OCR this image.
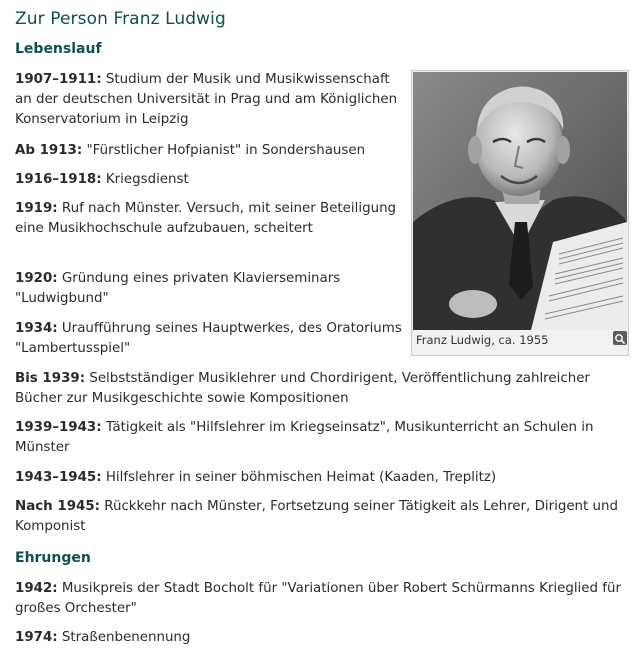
Zur Person Franz Ludwig
Lebenslauf
Franz Ludwig, ca. 1955

1907–1911: Studium der Musik und Musikwissenschaft an der deutschen Universität in Prag und am Königlichen Konservatorium in Leipzig

Ab 1913: "Fürstlicher Hofpianist" in Sondershausen

1916–1918: Kriegsdienst

1919: Ruf nach Münster. Versuch, mit seiner Beteiligung eine Musikhochschule aufzubauen, scheitert

1920: Gründung eines privaten Klavierseminars "Ludwigbund"

1934: Uraufführung seines Hauptwerkes, des Oratoriums "Lambertusspiel"

Bis 1939: Selbstständiger Musiklehrer und Chordirigent, Veröffentlichung zahlreicher Bücher zur Musikgeschichte sowie Kompositionen

1939–1943: Tätigkeit als "Hilfslehrer im Kriegseinsatz", Musikunterricht an Schulen in Münster

1943–1945: Hilfslehrer in seiner böhmischen Heimat (Kaaden, Treplitz)

Nach 1945: Rückkehr nach Münster, Fortsetzung seiner Tätigkeit als Lehrer, Dirigent und Komponist

Ehrungen

1942: Musikpreis der Stadt Bocholt für "Variationen über Robert Schürmanns Krieglied für großes Orchester"

1974: Straßenbenennung
